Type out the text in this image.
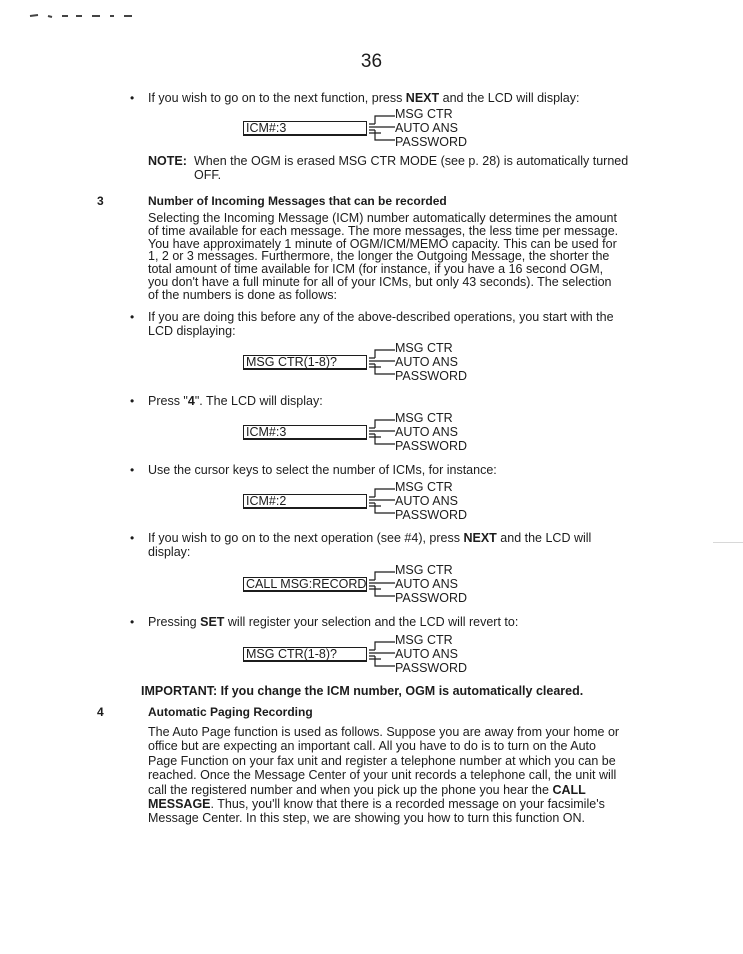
36
• If you wish to go on to the next function, press NEXT and the LCD will display:

ICM#:3
MSG CTR
AUTO ANS
PASSWORD
NOTE: When the OGM is erased MSG CTR MODE (see p. 28) is automatically turned
OFF.

3	Number of Incoming Messages that can be recorded
Selecting the Incoming Message (ICM) number automatically determines the amount
of time available for each message. The more messages, the less time per message.
You have approximately 1 minute of OGM/ICM/MEMO capacity. This can be used for
1, 2 or 3 messages. Furthermore, the longer the Outgoing Message, the shorter the
total amount of time available for ICM (for instance, if you have a 16 second OGM,
you don't have a full minute for all of your ICMs, but only 43 seconds). The selection
of the numbers is done as follows:
• If you are doing this before any of the above-described operations, you start with the
LCD displaying:

MSG CTR(1-8)?
MSG CTR
AUTO ANS
PASSWORD
• Press "4". The LCD will display:

ICM#:3
MSG CTR
AUTO ANS
PASSWORD
• Use the cursor keys to select the number of ICMs, for instance:

ICM#:2
MSG CTR
AUTO ANS
PASSWORD
• If you wish to go on to the next operation (see #4), press NEXT and the LCD will
display:

CALL MSG:RECORD
MSG CTR
AUTO ANS
PASSWORD
• Pressing SET will register your selection and the LCD will revert to:

MSG CTR(1-8)?
MSG CTR
AUTO ANS
PASSWORD
IMPORTANT: If you change the ICM number, OGM is automatically cleared.
4	Automatic Paging Recording
The Auto Page function is used as follows. Suppose you are away from your home or
office but are expecting an important call. All you have to do is to turn on the Auto
Page Function on your fax unit and register a telephone number at which you can be
reached. Once the Message Center of your unit records a telephone call, the unit will
call the registered number and when you pick up the phone you hear the CALL
MESSAGE. Thus, you'll know that there is a recorded message on your facsimile's
Message Center. In this step, we are showing you how to turn this function ON.
